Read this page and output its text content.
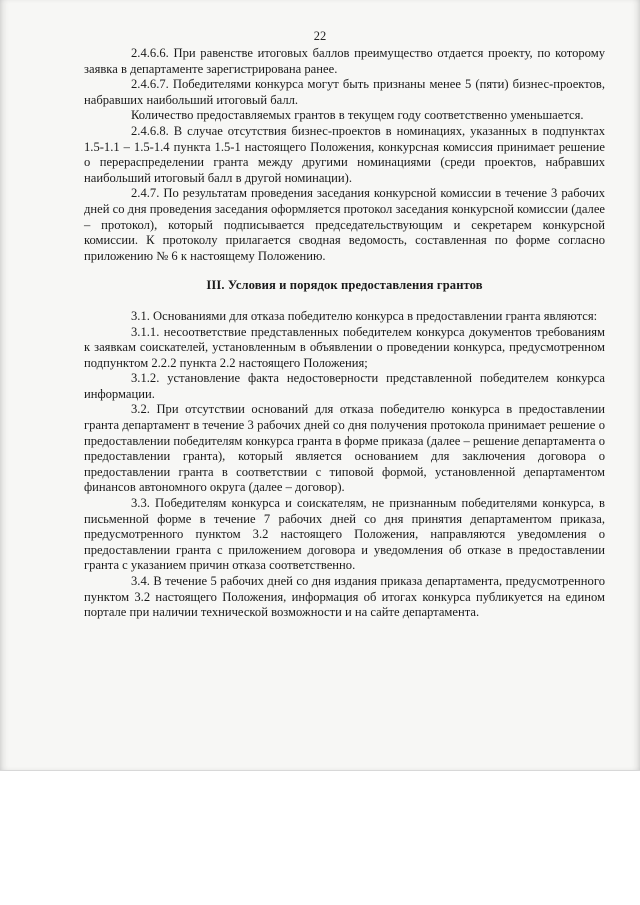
22

2.4.6.6. При равенстве итоговых баллов преимущество отдается проекту, по которому заявка в департаменте зарегистрирована ранее.

2.4.6.7. Победителями конкурса могут быть признаны менее 5 (пяти) бизнес-проектов, набравших наибольший итоговый балл.

Количество предоставляемых грантов в текущем году соответственно уменьшается.

2.4.6.8. В случае отсутствия бизнес-проектов в номинациях, указанных в подпунктах 1.5-1.1 – 1.5-1.4 пункта 1.5-1 настоящего Положения, конкурсная комиссия принимает решение о перераспределении гранта между другими номинациями (среди проектов, набравших наибольший итоговый балл в другой номинации).

2.4.7. По результатам проведения заседания конкурсной комиссии в течение 3 рабочих дней со дня проведения заседания оформляется протокол заседания конкурсной комиссии (далее – протокол), который подписывается председательствующим и секретарем конкурсной комиссии. К протоколу прилагается сводная ведомость, составленная по форме согласно приложению № 6 к настоящему Положению.

III. Условия и порядок предоставления грантов

3.1. Основаниями для отказа победителю конкурса в предоставлении гранта являются:

3.1.1. несоответствие представленных победителем конкурса документов требованиям к заявкам соискателей, установленным в объявлении о проведении конкурса, предусмотренном подпунктом 2.2.2 пункта 2.2 настоящего Положения;

3.1.2. установление факта недостоверности представленной победителем конкурса информации.

3.2. При отсутствии оснований для отказа победителю конкурса в предоставлении гранта департамент в течение 3 рабочих дней со дня получения протокола принимает решение о предоставлении победителям конкурса гранта в форме приказа (далее – решение департамента о предоставлении гранта), который является основанием для заключения договора о предоставлении гранта в соответствии с типовой формой, установленной департаментом финансов автономного округа (далее – договор).

3.3. Победителям конкурса и соискателям, не признанным победителями конкурса, в письменной форме в течение 7 рабочих дней со дня принятия департаментом приказа, предусмотренного пунктом 3.2 настоящего Положения, направляются уведомления о предоставлении гранта с приложением договора и уведомления об отказе в предоставлении гранта с указанием причин отказа соответственно.

3.4. В течение 5 рабочих дней со дня издания приказа департамента, предусмотренного пунктом 3.2 настоящего Положения, информация об итогах конкурса публикуется на едином портале при наличии технической возможности и на сайте департамента.
